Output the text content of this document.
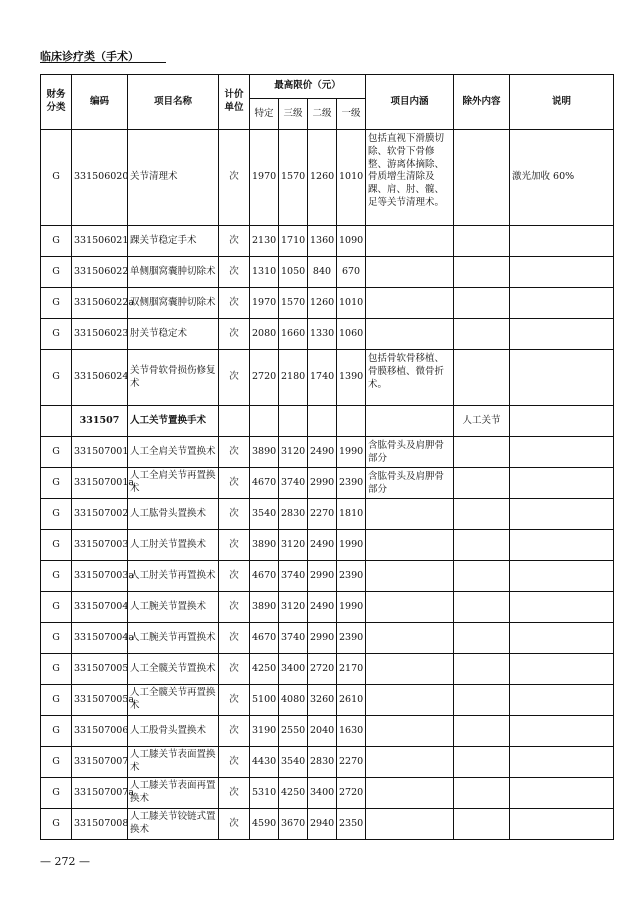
临床诊疗类（手术）
财务分类	编码	项目名称	计价单位	最高限价（元）				项目内涵	除外内容	说明
				特定	三级	二级	一级			
G	331506020	关节清理术	次	1970	1570	1260	1010	包括直视下滑膜切除、软骨下骨修整、游离体摘除、骨质增生清除及踝、肩、肘、髋、足等关节清理术。		激光加收 60%
G	331506021	踝关节稳定手术	次	2130	1710	1360	1090			
G	331506022	单侧腘窝囊肿切除术	次	1310	1050	840	670			
G	331506022a	双侧腘窝囊肿切除术	次	1970	1570	1260	1010			
G	331506023	肘关节稳定术	次	2080	1660	1330	1060			
G	331506024	关节骨软骨损伤修复术	次	2720	2180	1740	1390	包括骨软骨移植、骨膜移植、微骨折术。		
	331507	人工关节置换手术							人工关节	
G	331507001	人工全肩关节置换术	次	3890	3120	2490	1990	含肱骨头及肩胛骨部分		
G	331507001a	人工全肩关节再置换术	次	4670	3740	2990	2390	含肱骨头及肩胛骨部分		
G	331507002	人工肱骨头置换术	次	3540	2830	2270	1810			
G	331507003	人工肘关节置换术	次	3890	3120	2490	1990			
G	331507003a	人工肘关节再置换术	次	4670	3740	2990	2390			
G	331507004	人工腕关节置换术	次	3890	3120	2490	1990			
G	331507004a	人工腕关节再置换术	次	4670	3740	2990	2390			
G	331507005	人工全髋关节置换术	次	4250	3400	2720	2170			
G	331507005a	人工全髋关节再置换术	次	5100	4080	3260	2610			
G	331507006	人工股骨头置换术	次	3190	2550	2040	1630			
G	331507007	人工膝关节表面置换术	次	4430	3540	2830	2270			
G	331507007a	人工膝关节表面再置换术	次	5310	4250	3400	2720			
G	331507008	人工膝关节铰链式置换术	次	4590	3670	2940	2350			
— 272 —
